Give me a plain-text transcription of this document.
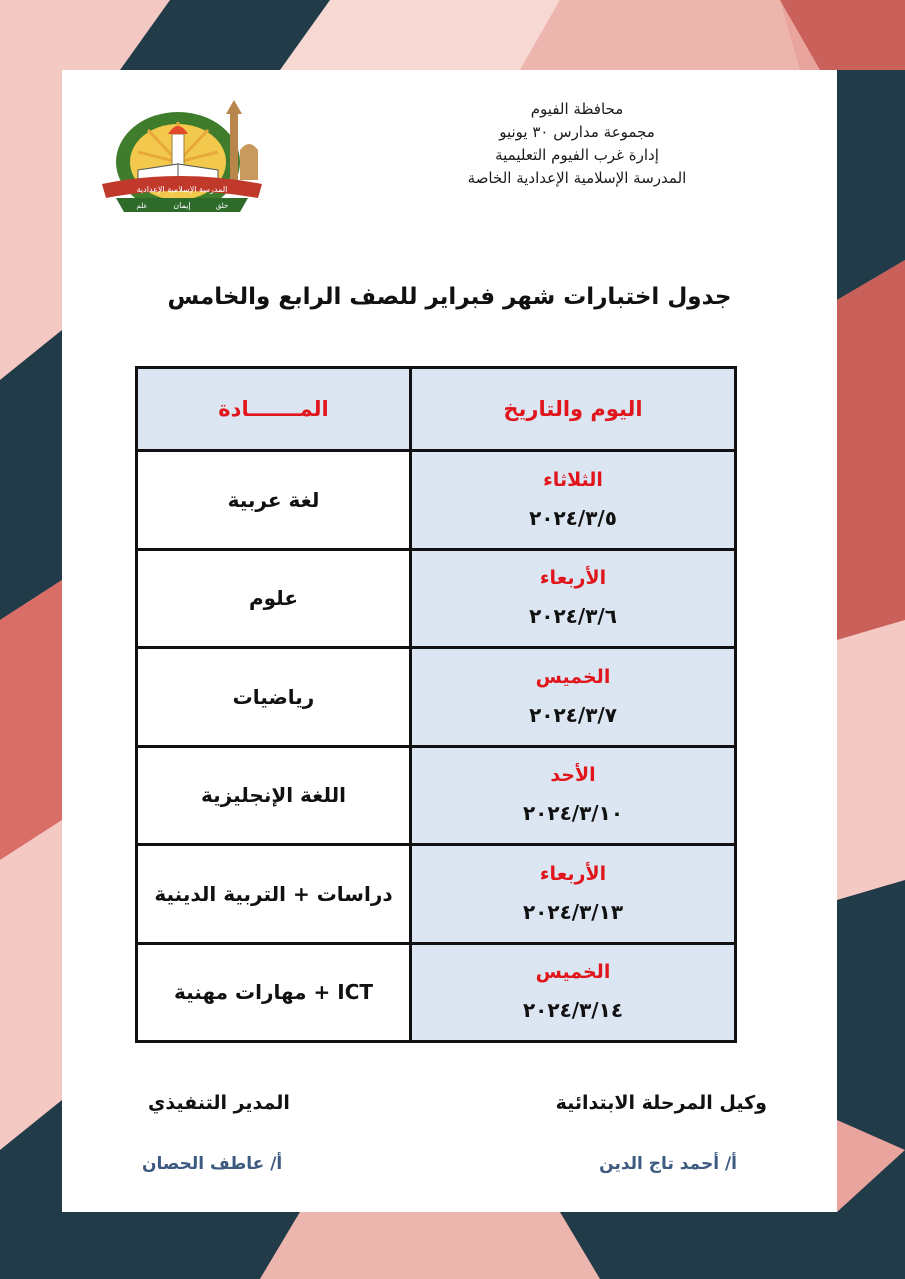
المدرسة الإسلامية الإعدادية
إيمان	خلق
علم
محافظة الفيوم
مجموعة مدارس ٣٠ يونيو
إدارة غرب الفيوم التعليمية
المدرسة الإسلامية الإعدادية الخاصة
جدول اختبارات شهر فبراير للصف الرابع والخامس
اليوم والتاريخ	المـــــــادة

الثلاثاء
٢٠٢٤/٣/٥	لغة عربية

الأربعاء
٢٠٢٤/٣/٦	علوم

الخميس
٢٠٢٤/٣/٧	رياضيات

الأحد
٢٠٢٤/٣/١٠	اللغة الإنجليزية

الأربعاء
٢٠٢٤/٣/١٣	دراسات + التربية الدينية

الخميس
٢٠٢٤/٣/١٤	ICT + مهارات مهنية
وكيل المرحلة الابتدائية
أ/ أحمد تاج الدين
المدير التنفيذي
أ/ عاطف الحصان
